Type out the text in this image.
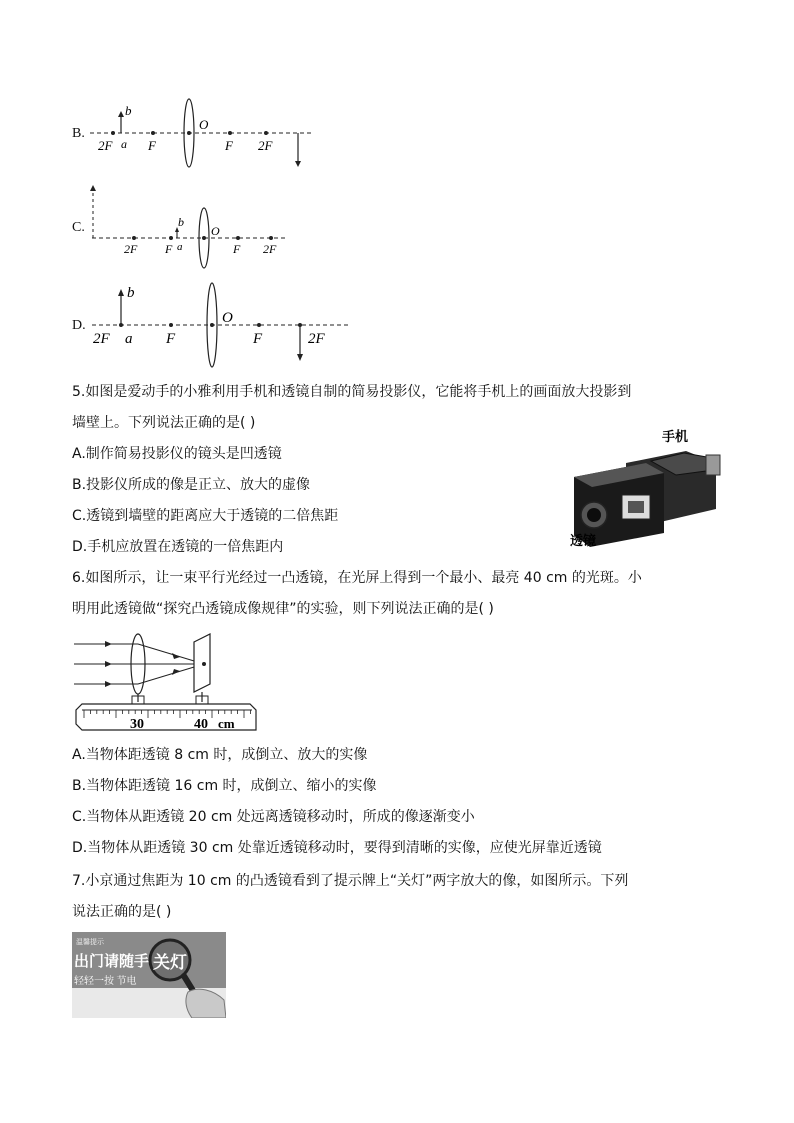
B.
2F a F
O
F 2F
b
C.
2F F a
O
F 2F
b
D.
2F a F
O
F	2F
b
5.如图是爱动手的小雅利用手机和透镜自制的简易投影仪，它能将手机上的画面放大投影到
墙壁上。下列说法正确的是( )
A.制作简易投影仪的镜头是凹透镜
B.投影仪所成的像是正立、放大的虚像
C.透镜到墙壁的距离应大于透镜的二倍焦距
D.手机应放置在透镜的一倍焦距内
手机
透镜
6.如图所示，让一束平行光经过一凸透镜，在光屏上得到一个最小、最亮 40 cm 的光斑。小
明用此透镜做“探究凸透镜成像规律”的实验，则下列说法正确的是( )
30	40 cm
A.当物体距透镜 8 cm 时，成倒立、放大的实像
B.当物体距透镜 16 cm 时，成倒立、缩小的实像
C.当物体从距透镜 20 cm 处远离透镜移动时，所成的像逐渐变小
D.当物体从距透镜 30 cm 处靠近透镜移动时，要得到清晰的实像，应使光屏靠近透镜
7.小京通过焦距为 10 cm 的凸透镜看到了提示牌上“关灯”两字放大的像，如图所示。下列
说法正确的是( )
温馨提示
出门请随手
轻轻一按 节电
关灯
